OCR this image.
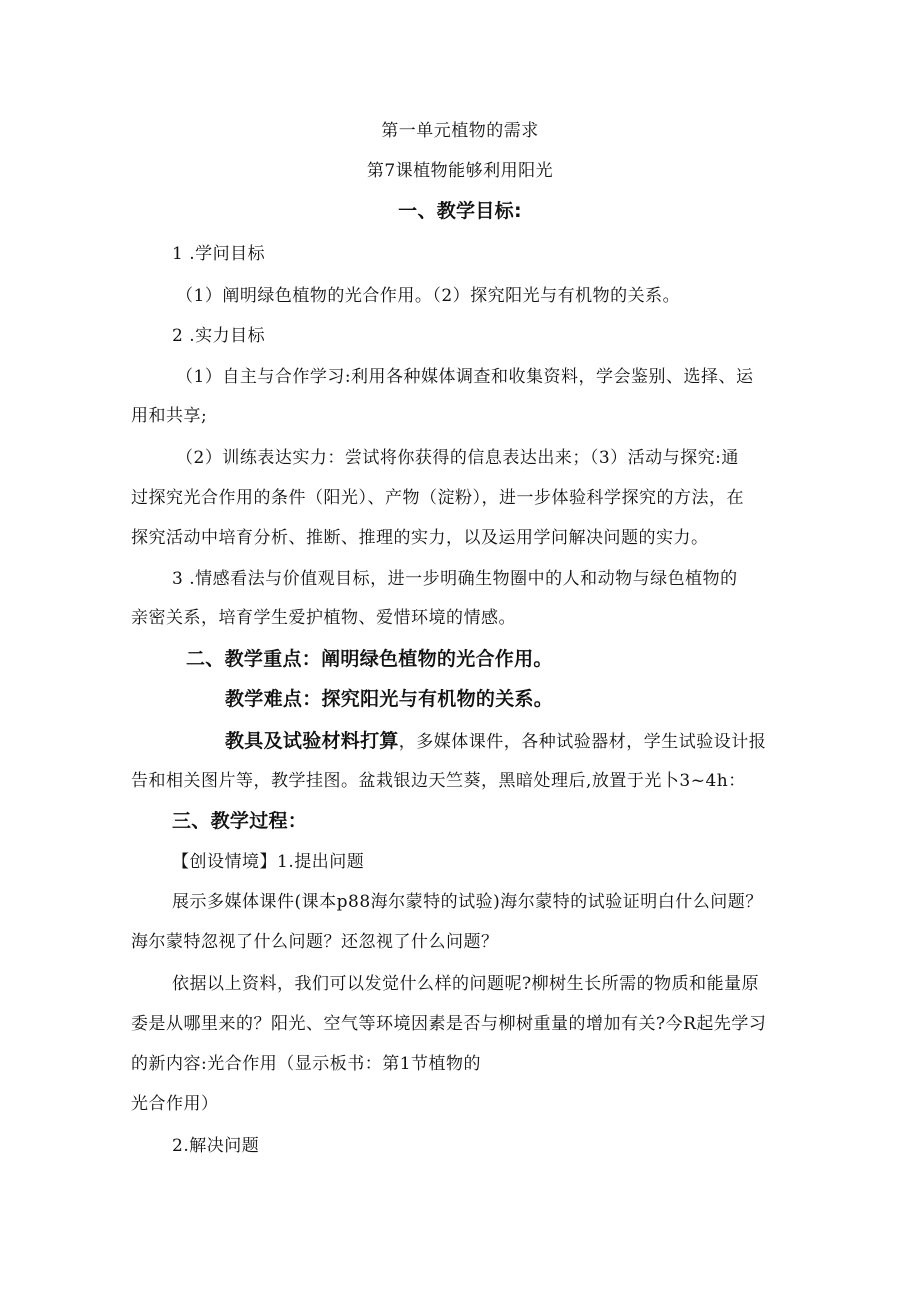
第一单元植物的需求
第7课植物能够利用阳光
一、教学目标:
1 .学问目标
（1）阐明绿色植物的光合作用。（2）探究阳光与有机物的关系。
2 .实力目标
（1）自主与合作学习:利用各种媒体调查和收集资料，学会鉴别、选择、运
用和共享;
（2）训练表达实力：尝试将你获得的信息表达出来；（3）活动与探究:通
过探究光合作用的条件（阳光）、产物（淀粉），进一步体验科学探究的方法，在
探究活动中培育分析、推断、推理的实力，以及运用学问解决问题的实力。
3 .情感看法与价值观目标，进一步明确生物圈中的人和动物与绿色植物的
亲密关系，培育学生爱护植物、爱惜环境的情感。
二、教学重点：阐明绿色植物的光合作用。
教学难点：探究阳光与有机物的关系。
教具及试验材料打算，多媒体课件，各种试验器材，学生试验设计报
告和相关图片等，教学挂图。盆栽银边天竺葵，黑暗处理后,放置于光卜3~4h：
三、教学过程：
【创设情境】1.提出问题
展示多媒体课件(课本p88海尔蒙特的试验)海尔蒙特的试验证明白什么问题？
海尔蒙特忽视了什么问题？还忽视了什么问题？
依据以上资料，我们可以发觉什么样的问题呢?柳树生长所需的物质和能量原
委是从哪里来的？阳光、空气等环境因素是否与柳树重量的增加有关?今R起先学习
的新内容:光合作用（显示板书：第1节植物的
光合作用）
2.解决问题
